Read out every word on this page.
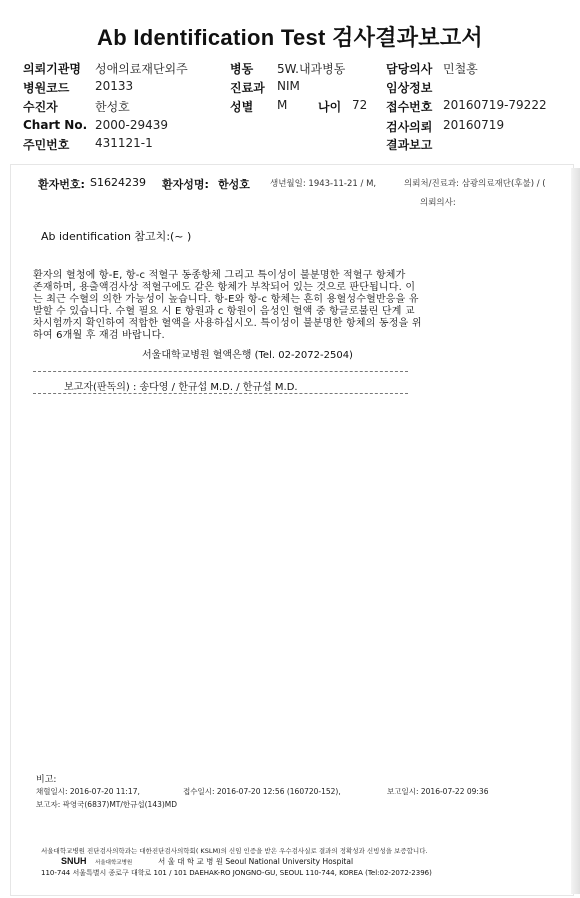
Ab Identification Test 검사결과보고서
의뢰기관명 성애의료재단외주
병원코드 20133
수진자	한성호
Chart No. 2000-29439
주민번호 431121-1
병동 5W.내과병동
진료과 NIM
성별 M	나이 72
담당의사 민철홍
임상정보
접수번호 20160719-79222
검사의뢰 20160719
결과보고
환자번호: S1624239 환자성명: 한성호 생년월일: 1943-11-21 / M,	의뢰처/진료과: 삼광의료재단(후불) / (
의뢰의사:
Ab identification 참고치:(~ )
환자의 혈청에 항-E, 항-c 적혈구 동종항체 그리고 특이성이 불분명한 적혈구 항체가
존재하며, 용출액검사상 적혈구에도 같은 항체가 부착되어 있는 것으로 판단됩니다. 이
는 최근 수혈의 의한 가능성이 높습니다. 항-E와 항-c 항체는 흔히 용혈성수혈반응을 유
발할 수 있습니다. 수혈 필요 시 E 항원과 c 항원이 음성인 혈액 중 항글로불린 단계 교
차시험까지 확인하여 적합한 혈액을 사용하십시오. 특이성이 불분명한 항체의 동정을 위
하여 6개월 후 재검 바랍니다.
서울대학교병원 혈액은행 (Tel. 02-2072-2504)
보고자(판독의) : 송다영 / 한규섭 M.D. / 한규섭 M.D.
비고:
채혈일시: 2016-07-20 11:17,	접수일시: 2016-07-20 12:56 (160720-152),	보고일시: 2016-07-22 09:36
보고자: 곽영국(6837)MT/한규섭(143)MD
서울대학교병원 진단검사의학과는 대한진단검사의학회( KSLM)의 신임 인증을 받은 우수검사실로 결과의 정확성과 신빙성을 보증합니다.
SNUH 서울대학교병원	서 울 대 학 교 병 원 Seoul National University Hospital
110-744 서울특별시 종로구 대학로 101 / 101 DAEHAK-RO JONGNO-GU, SEOUL 110-744, KOREA (Tel:02-2072-2396)
